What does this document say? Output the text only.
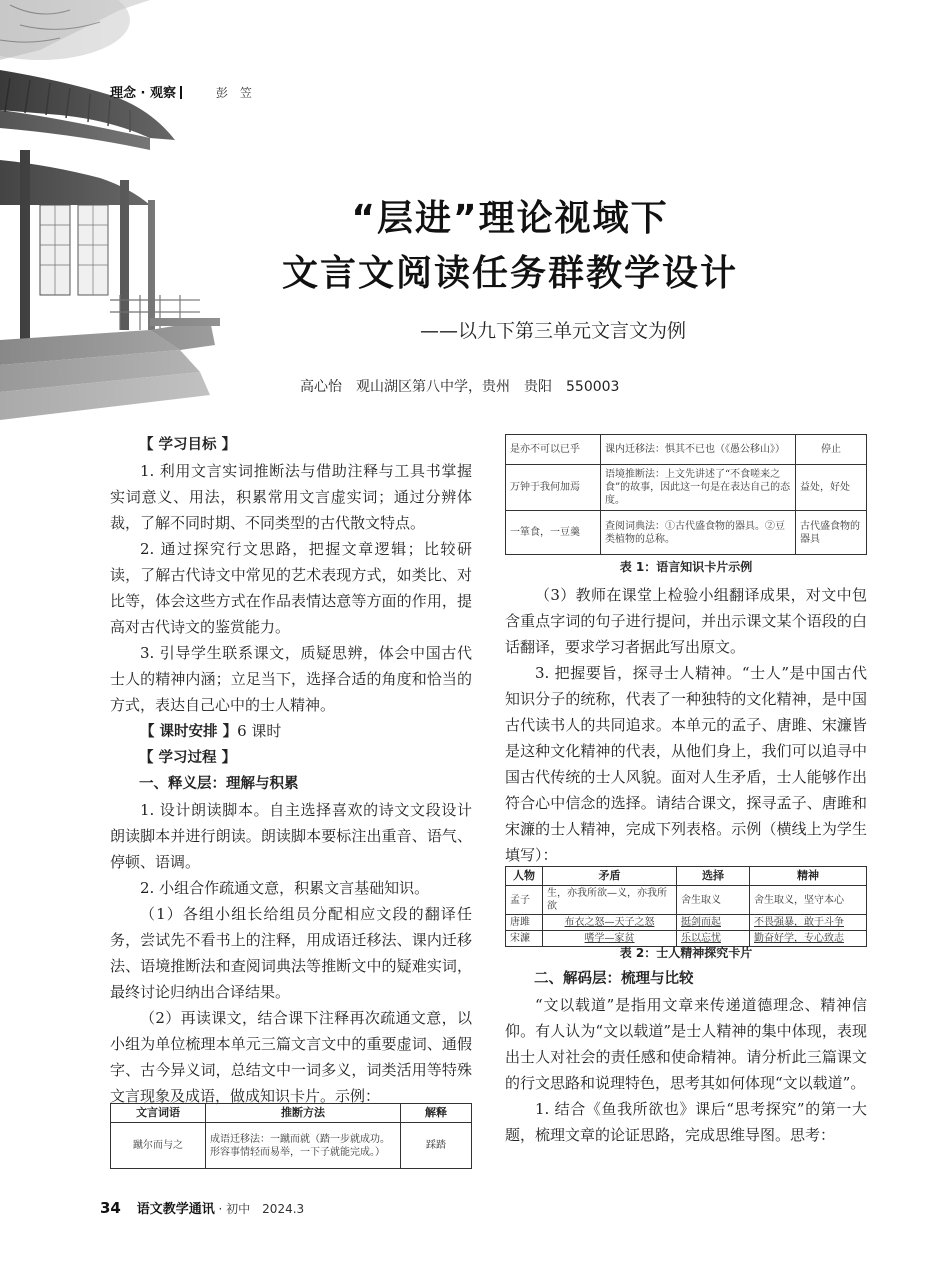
理念 · 观察	彭 笠
“层进”理论视域下
文言文阅读任务群教学设计
——以九下第三单元文言文为例
高心怡　观山湖区第八中学，贵州　贵阳　550003

【 学习目标 】

1. 利用文言实词推断法与借助注释与工具书掌握实词意义、用法，积累常用文言虚实词；通过分辨体裁，了解不同时期、不同类型的古代散文特点。

2. 通过探究行文思路，把握文章逻辑；比较研读，了解古代诗文中常见的艺术表现方式，如类比、对比等，体会这些方式在作品表情达意等方面的作用，提高对古代诗文的鉴赏能力。

3. 引导学生联系课文，质疑思辨，体会中国古代士人的精神内涵；立足当下，选择合适的角度和恰当的方式，表达自己心中的士人精神。

【 课时安排 】6 课时

【 学习过程 】

一、释义层：理解与积累

1. 设计朗读脚本。自主选择喜欢的诗文文段设计朗读脚本并进行朗读。朗读脚本要标注出重音、语气、停顿、语调。

2. 小组合作疏通文意，积累文言基础知识。

（1）各组小组长给组员分配相应文段的翻译任务，尝试先不看书上的注释，用成语迁移法、课内迁移法、语境推断法和查阅词典法等推断文中的疑难实词，最终讨论归纳出合译结果。

（2）再读课文，结合课下注释再次疏通文意，以小组为单位梳理本单元三篇文言文中的重要虚词、通假字、古今异义词，总结文中一词多义，词类活用等特殊文言现象及成语，做成知识卡片。示例：

文言词语	推断方法	解释
蹴尔而与之	成语迁移法：一蹴而就（踏一步就成功。形容事情轻而易举，一下子就能完成。）	踩踏
是亦不可以已乎	课内迁移法：惧其不已也（《愚公移山》）	停止
万钟于我何加焉	语境推断法：上文先讲述了“不食嗟来之食”的故事，因此这一句是在表达自己的态度。	益处，好处
一箪食，一豆羹	查阅词典法：①古代盛食物的器具。②豆类植物的总称。	古代盛食物的器具
表 1：语言知识卡片示例

（3）教师在课堂上检验小组翻译成果，对文中包含重点字词的句子进行提问，并出示课文某个语段的白话翻译，要求学习者据此写出原文。

3. 把握要旨，探寻士人精神。“士人”是中国古代知识分子的统称，代表了一种独特的文化精神，是中国古代读书人的共同追求。本单元的孟子、唐雎、宋濂皆是这种文化精神的代表，从他们身上，我们可以追寻中国古代传统的士人风貌。面对人生矛盾，士人能够作出符合心中信念的选择。请结合课文，探寻孟子、唐雎和宋濂的士人精神，完成下列表格。示例（横线上为学生填写）：

人物	矛盾	选择	精神
孟子	生，亦我所欲—义，亦我所欲	舍生取义	舍生取义，坚守本心
唐雎	布衣之怒—天子之怒	挺剑而起	不畏强暴，敢于斗争
宋濂	嗜学—家贫	乐以忘忧	勤奋好学，专心致志
表 2：士人精神探究卡片

二、解码层：梳理与比较

“文以载道”是指用文章来传递道德理念、精神信仰。有人认为“文以载道”是士人精神的集中体现，表现出士人对社会的责任感和使命精神。请分析此三篇课文的行文思路和说理特色，思考其如何体现“文以载道”。

1. 结合《鱼我所欲也》课后“思考探究”的第一大题，梳理文章的论证思路，完成思维导图。思考：

34 语文教学通讯 · 初中　2024.3
